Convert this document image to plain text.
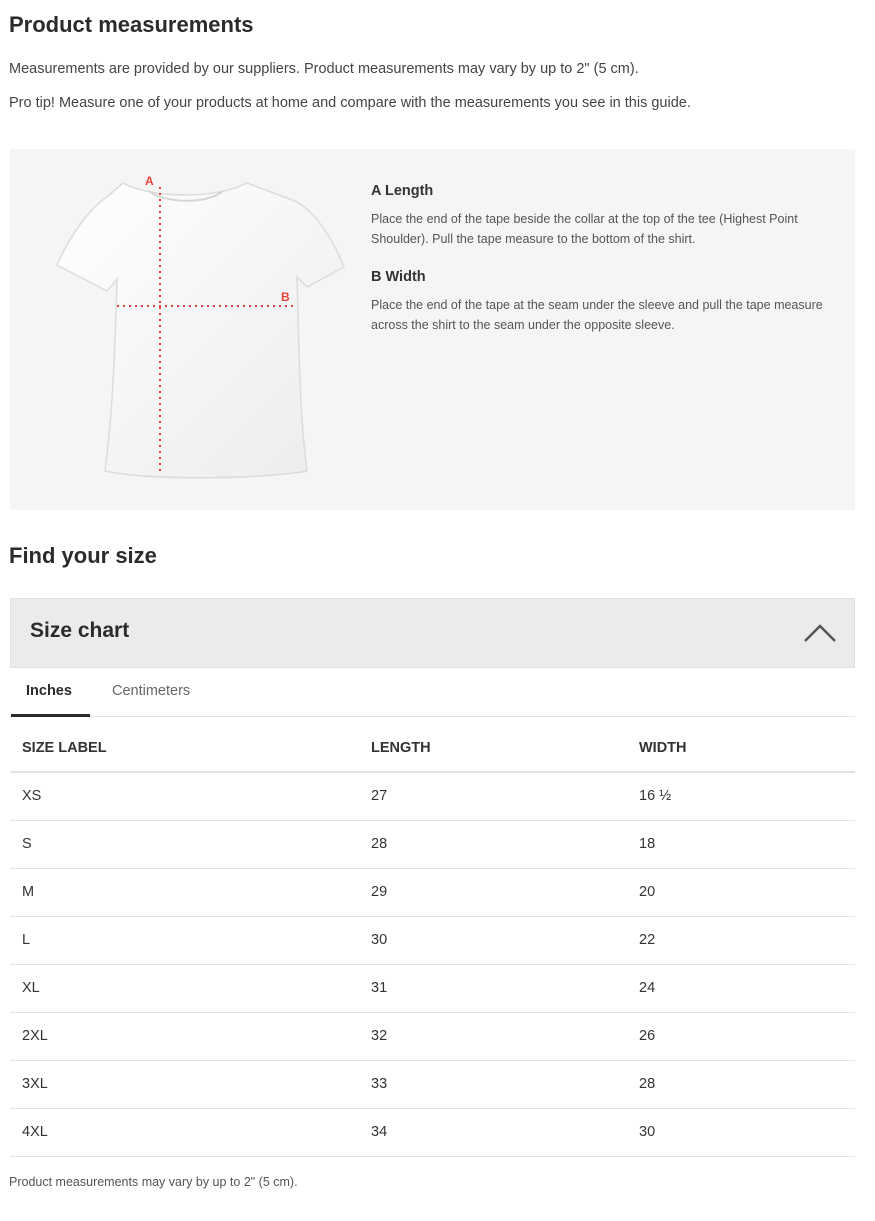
Product measurements
Measurements are provided by our suppliers. Product measurements may vary by up to 2" (5 cm).
Pro tip! Measure one of your products at home and compare with the measurements you see in this guide.
A
B
A Length
Place the end of the tape beside the collar at the top of the tee (Highest Point Shoulder). Pull the tape measure to the bottom of the shirt.
B Width
Place the end of the tape at the seam under the sleeve and pull the tape measure across the shirt to the seam under the opposite sleeve.
Find your size
Size chart
Inches	Centimeters
SIZE LABEL	LENGTH	WIDTH
XS	27	16 ½
S	28	18
M	29	20
L	30	22
XL	31	24
2XL	32	26
3XL	33	28
4XL	34	30
Product measurements may vary by up to 2" (5 cm).
